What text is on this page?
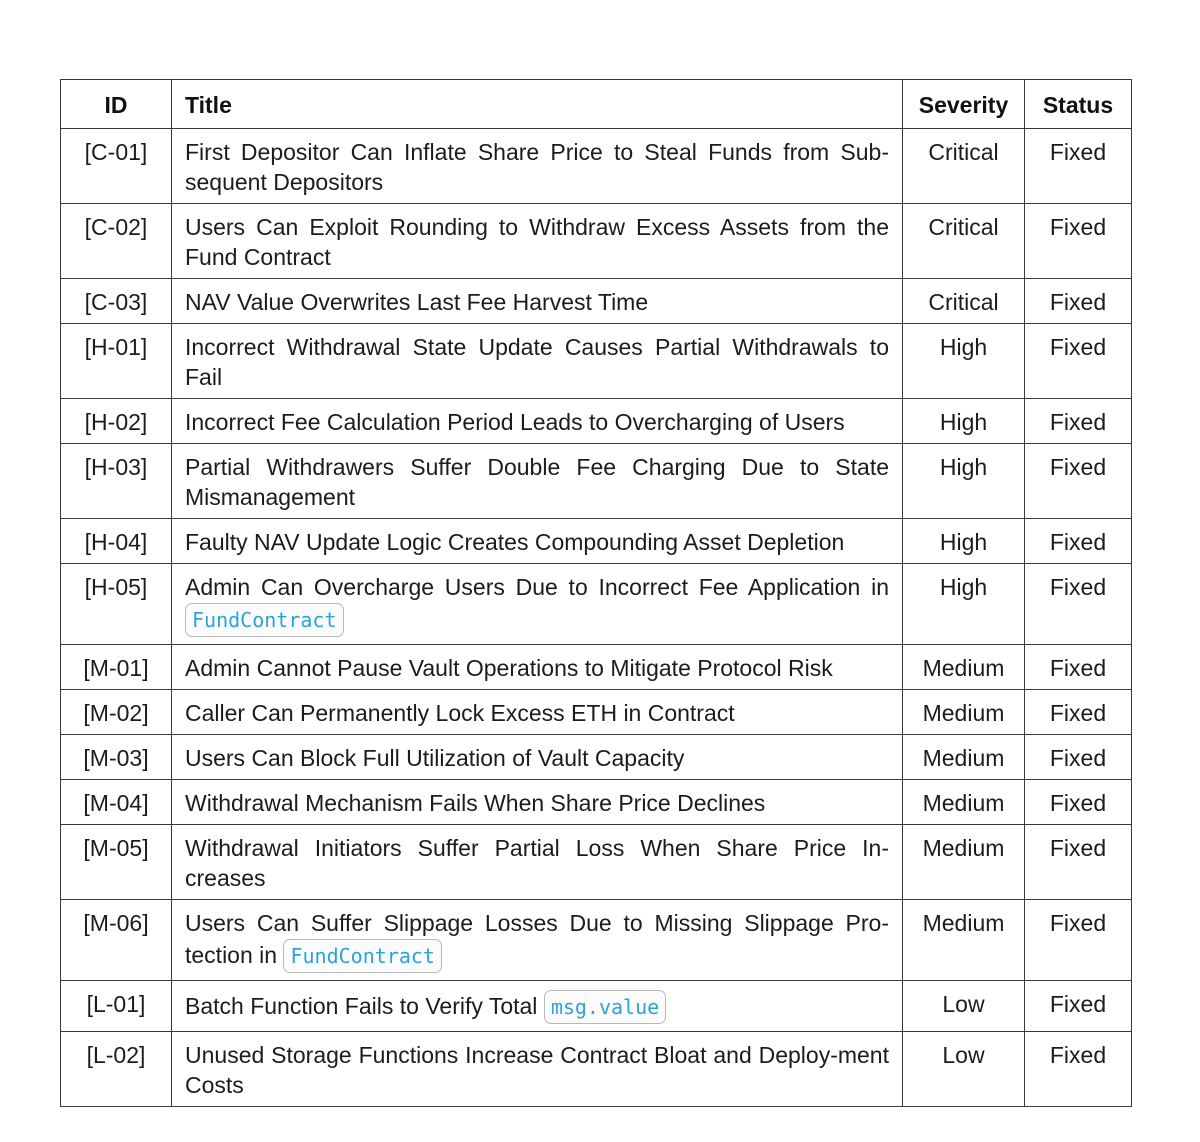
ID	Title	Severity	Status
[C-01]	First Depositor Can Inflate Share Price to Steal Funds from Sub-sequent Depositors	Critical	Fixed
[C-02]	Users Can Exploit Rounding to Withdraw Excess Assets from the Fund Contract	Critical	Fixed
[C-03]	NAV Value Overwrites Last Fee Harvest Time	Critical	Fixed
[H-01]	Incorrect Withdrawal State Update Causes Partial Withdrawals to Fail	High	Fixed
[H-02]	Incorrect Fee Calculation Period Leads to Overcharging of Users	High	Fixed
[H-03]	Partial Withdrawers Suffer Double Fee Charging Due to State Mismanagement	High	Fixed
[H-04]	Faulty NAV Update Logic Creates Compounding Asset Depletion	High	Fixed
[H-05]	Admin Can Overcharge Users Due to Incorrect Fee Application in FundContract	High	Fixed
[M-01]	Admin Cannot Pause Vault Operations to Mitigate Protocol Risk	Medium	Fixed
[M-02]	Caller Can Permanently Lock Excess ETH in Contract	Medium	Fixed
[M-03]	Users Can Block Full Utilization of Vault Capacity	Medium	Fixed
[M-04]	Withdrawal Mechanism Fails When Share Price Declines	Medium	Fixed
[M-05]	Withdrawal Initiators Suffer Partial Loss When Share Price In-creases	Medium	Fixed
[M-06]	Users Can Suffer Slippage Losses Due to Missing Slippage Pro-tection in FundContract	Medium	Fixed
[L-01]	Batch Function Fails to Verify Total msg.value	Low	Fixed
[L-02]	Unused Storage Functions Increase Contract Bloat and Deploy-ment Costs	Low	Fixed
